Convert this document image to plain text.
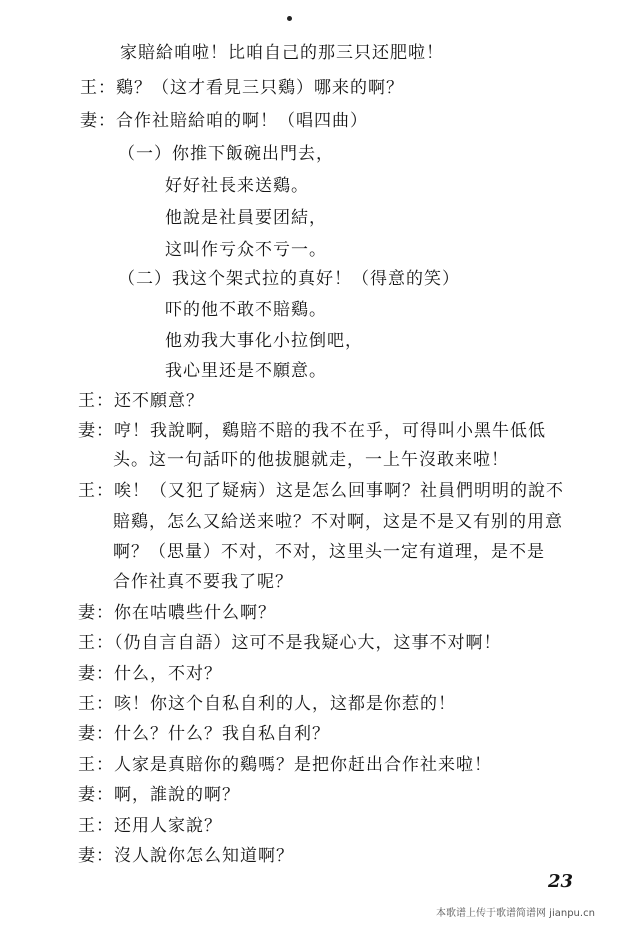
家賠給咱啦！比咱自己的那三只还肥啦！
王：鷄？（这才看見三只鷄）哪来的啊？
妻：合作社賠給咱的啊！（唱四曲）
（一）你推下飯碗出門去，
好好社長来送鷄。
他說是社員要团結，
这叫作亏众不亏一。
（二）我这个架式拉的真好！（得意的笑）
吓的他不敢不賠鷄。
他劝我大事化小拉倒吧，
我心里还是不願意。
王：还不願意？
妻：哼！我說啊，鷄賠不賠的我不在乎，可得叫小黑牛低低
头。这一句話吓的他拔腿就走，一上午沒敢来啦！
王：唉！（又犯了疑病）这是怎么回事啊？社員們明明的說不
賠鷄，怎么又給送来啦？不对啊，这是不是又有别的用意
啊？（思量）不对，不对，这里头一定有道理，是不是
合作社真不要我了呢？
妻：你在咕噥些什么啊？
王：（仍自言自語）这可不是我疑心大，这事不对啊！
妻：什么，不对？
王：咳！你这个自私自利的人，这都是你惹的！
妻：什么？什么？我自私自利？
王：人家是真賠你的鷄嗎？是把你赶出合作社来啦！
妻：啊，誰說的啊？
王：还用人家說？
妻：沒人說你怎么知道啊？
23
本歌谱上传于歌谱简谱网 jianpu.cn
